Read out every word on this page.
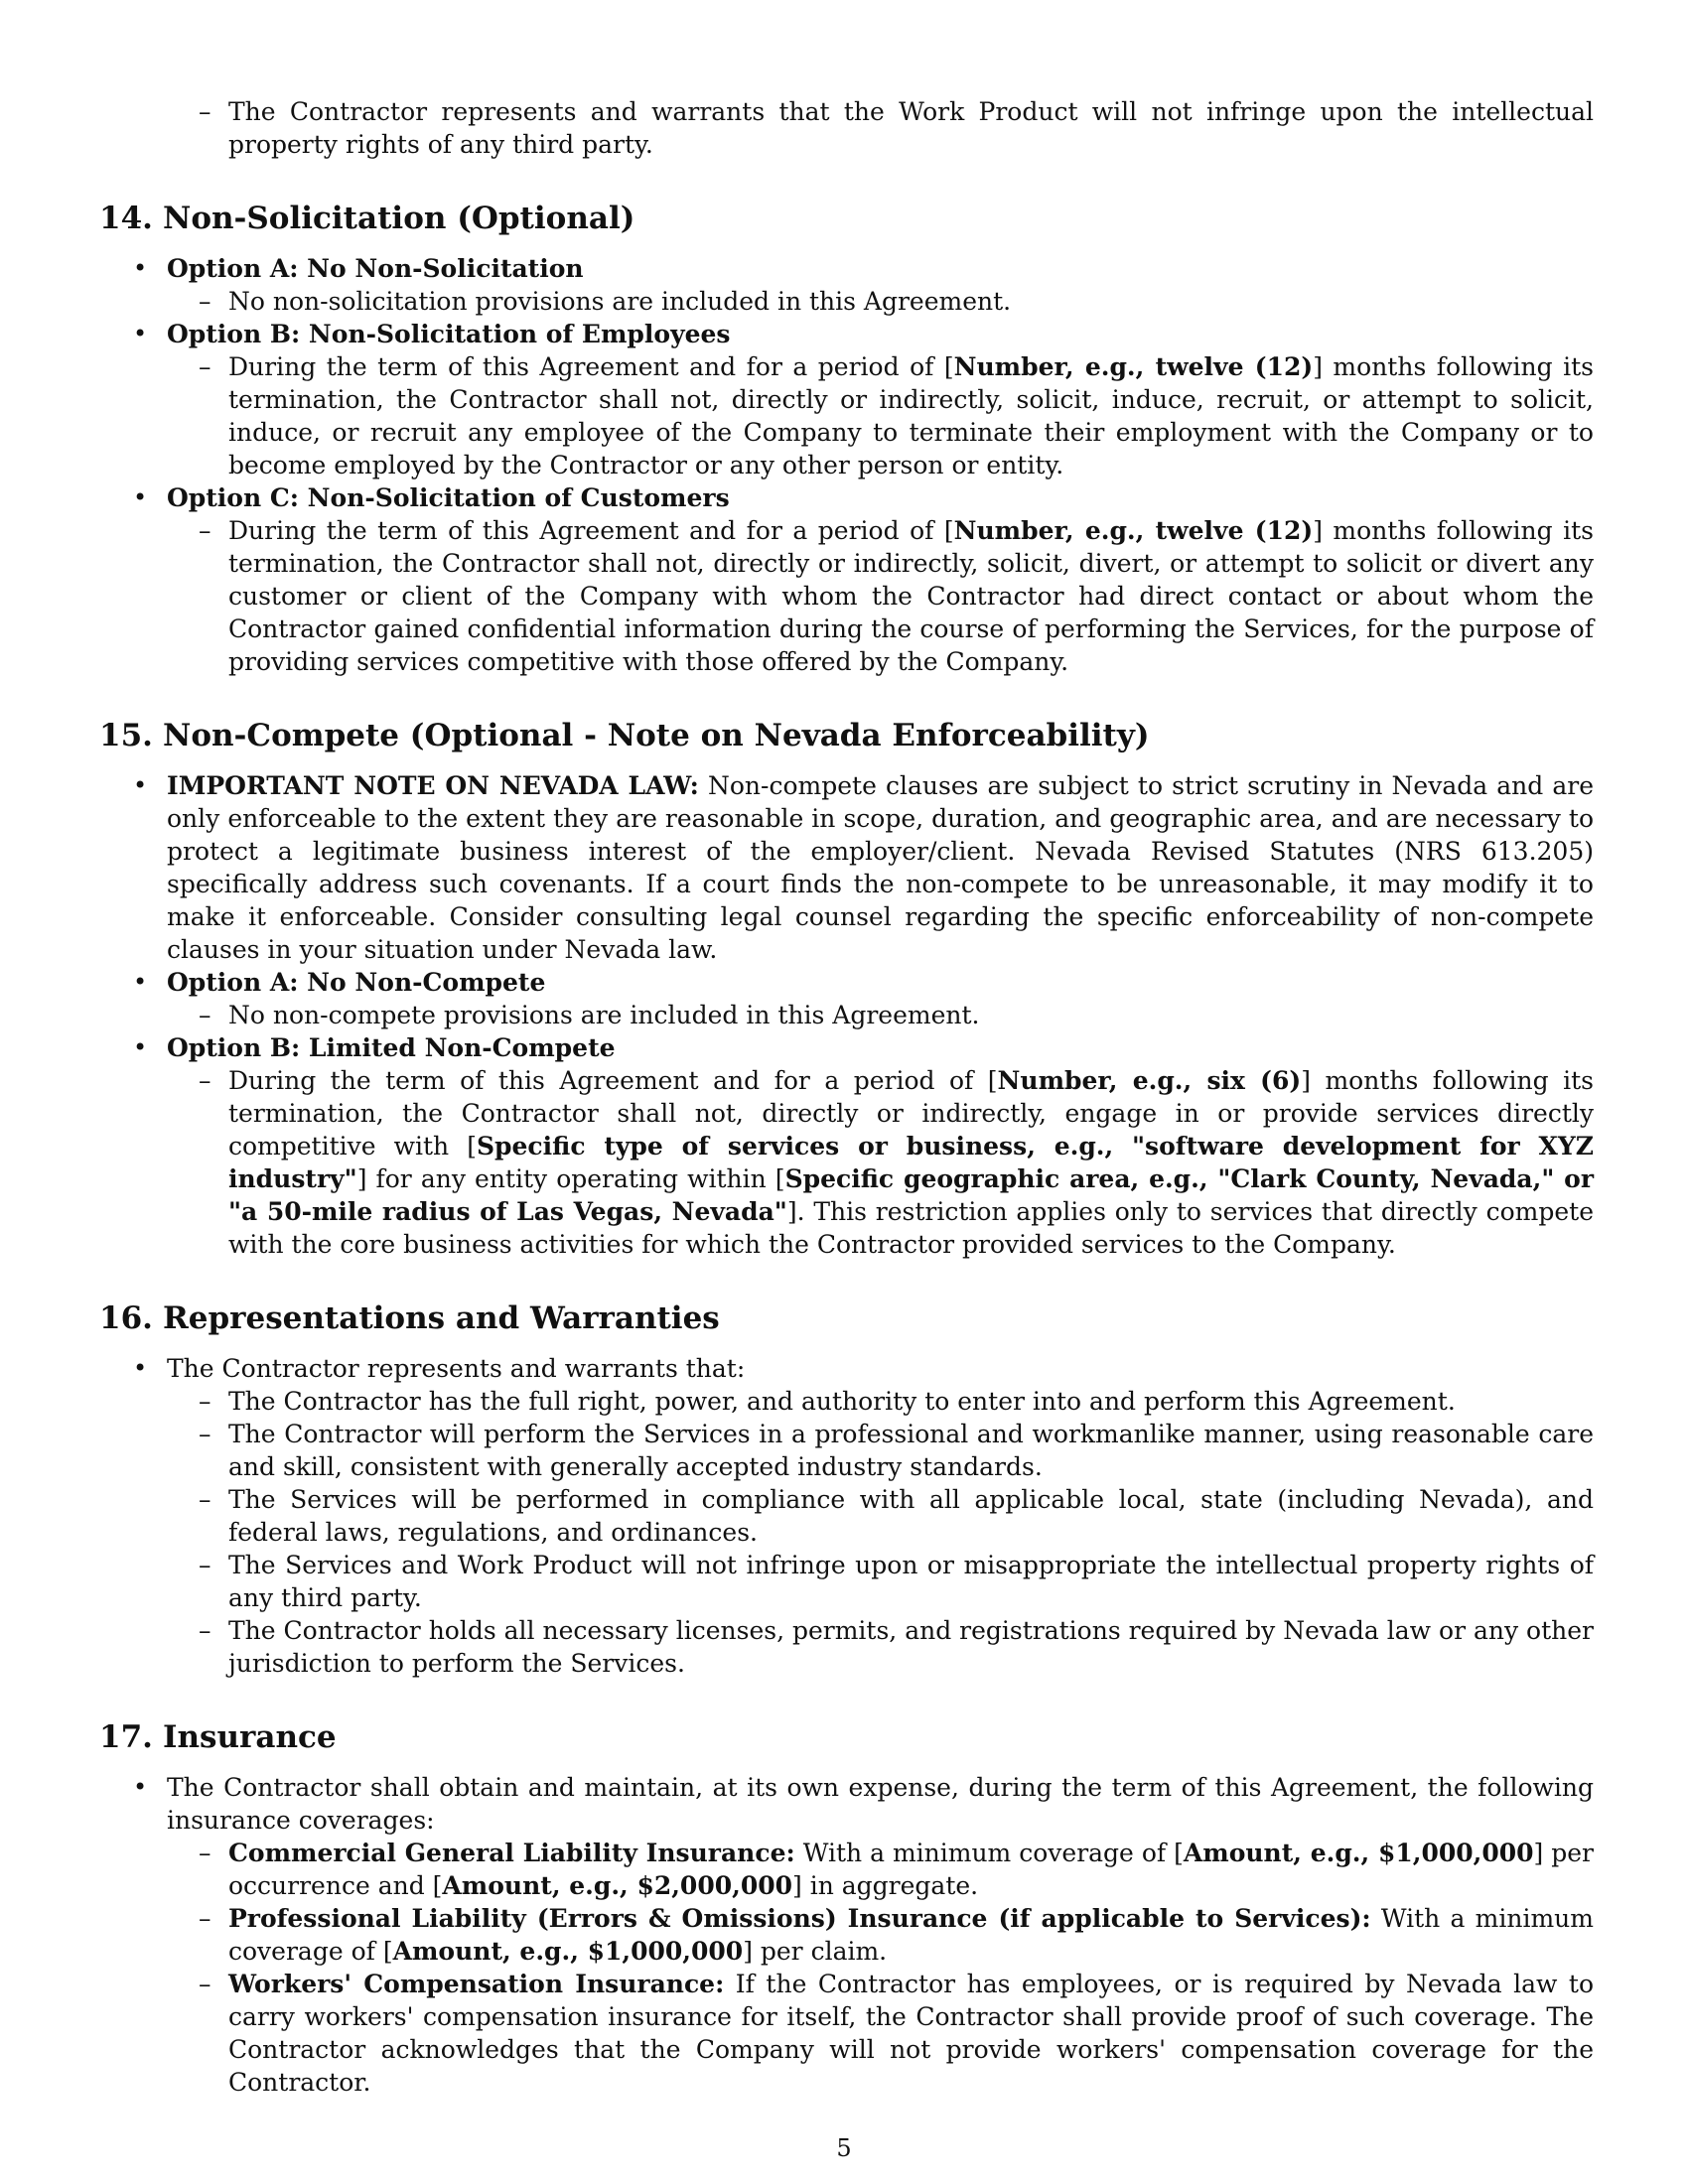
– The Contractor represents and warrants that the Work Product will not infringe upon the intellectual property rights of any third party.
14. Non-Solicitation (Optional)
• Option A: No Non-Solicitation
– No non-solicitation provisions are included in this Agreement.
• Option B: Non-Solicitation of Employees
– During the term of this Agreement and for a period of [Number, e.g., twelve (12)] months following its termination, the Contractor shall not, directly or indirectly, solicit, induce, recruit, or attempt to solicit, induce, or recruit any employee of the Company to terminate their employment with the Company or to become employed by the Contractor or any other person or entity.
• Option C: Non-Solicitation of Customers
– During the term of this Agreement and for a period of [Number, e.g., twelve (12)] months following its termination, the Contractor shall not, directly or indirectly, solicit, divert, or attempt to solicit or divert any customer or client of the Company with whom the Contractor had direct contact or about whom the Contractor gained confidential information during the course of performing the Services, for the purpose of providing services competitive with those offered by the Company.
15. Non-Compete (Optional - Note on Nevada Enforceability)
• IMPORTANT NOTE ON NEVADA LAW: Non-compete clauses are subject to strict scrutiny in Nevada and are only enforceable to the extent they are reasonable in scope, duration, and geographic area, and are necessary to protect a legitimate business interest of the employer/client. Nevada Revised Statutes (NRS 613.205) specifically address such covenants. If a court finds the non-compete to be unreasonable, it may modify it to make it enforceable. Consider consulting legal counsel regarding the specific enforceability of non-compete clauses in your situation under Nevada law.
• Option A: No Non-Compete
– No non-compete provisions are included in this Agreement.
• Option B: Limited Non-Compete
– During the term of this Agreement and for a period of [Number, e.g., six (6)] months following its termination, the Contractor shall not, directly or indirectly, engage in or provide services directly competitive with [Specific type of services or business, e.g., "software development for XYZ industry"] for any entity operating within [Specific geographic area, e.g., "Clark County, Nevada," or "a 50-mile radius of Las Vegas, Nevada"]. This restriction applies only to services that directly compete with the core business activities for which the Contractor provided services to the Company.
16. Representations and Warranties
• The Contractor represents and warrants that:
– The Contractor has the full right, power, and authority to enter into and perform this Agreement.
– The Contractor will perform the Services in a professional and workmanlike manner, using reasonable care and skill, consistent with generally accepted industry standards.
– The Services will be performed in compliance with all applicable local, state (including Nevada), and federal laws, regulations, and ordinances.
– The Services and Work Product will not infringe upon or misappropriate the intellectual property rights of any third party.
– The Contractor holds all necessary licenses, permits, and registrations required by Nevada law or any other jurisdiction to perform the Services.
17. Insurance
• The Contractor shall obtain and maintain, at its own expense, during the term of this Agreement, the following insurance coverages:
– Commercial General Liability Insurance: With a minimum coverage of [Amount, e.g., $1,000,000] per occurrence and [Amount, e.g., $2,000,000] in aggregate.
– Professional Liability (Errors & Omissions) Insurance (if applicable to Services): With a minimum coverage of [Amount, e.g., $1,000,000] per claim.
– Workers' Compensation Insurance: If the Contractor has employees, or is required by Nevada law to carry workers' compensation insurance for itself, the Contractor shall provide proof of such coverage. The Contractor acknowledges that the Company will not provide workers' compensation coverage for the Contractor.
5
